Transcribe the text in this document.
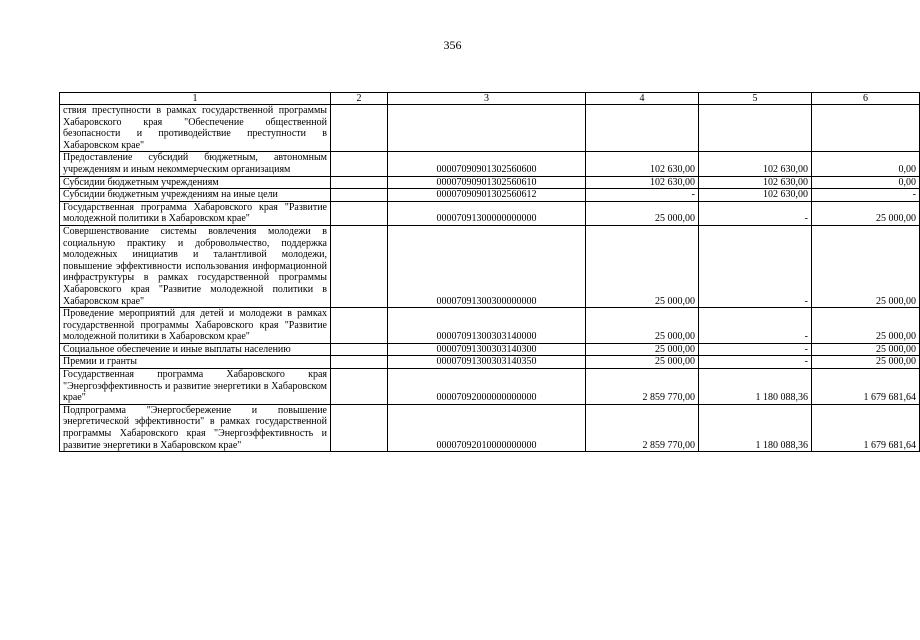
356
1	2	3	4	5	6
ствия преступности в рамках государственной программы Хабаровского края "Обеспечение общественной безопасности и противодействие преступности в Хабаровском крае"					
Предоставление субсидий бюджетным, автономным учреждениям и иным некоммерческим организациям		00007090901302560600	102 630,00	102 630,00	0,00
Субсидии бюджетным учреждениям		00007090901302560610	102 630,00	102 630,00	0,00
Субсидии бюджетным учреждениям на иные цели		00007090901302560612	-	102 630,00	-
Государственная программа Хабаровского края "Развитие молодежной политики в Хабаровском крае"		00007091300000000000	25 000,00	-	25 000,00
Совершенствование системы вовлечения молодежи в социальную практику и добровольчество, поддержка молодежных инициатив и талантливой молодежи, повышение эффективности использования информационной инфраструктуры в рамках государственной программы Хабаровского края "Развитие молодежной политики в Хабаровском крае"		00007091300300000000	25 000,00	-	25 000,00
Проведение мероприятий для детей и молодежи в рамках государственной программы Хабаровского края "Развитие молодежной политики в Хабаровском крае"		00007091300303140000	25 000,00	-	25 000,00
Социальное обеспечение и иные выплаты населению		00007091300303140300	25 000,00	-	25 000,00
Премии и гранты		00007091300303140350	25 000,00	-	25 000,00
Государственная программа Хабаровского края "Энергоэффективность и развитие энергетики в Хабаровском крае"		00007092000000000000	2 859 770,00	1 180 088,36	1 679 681,64
Подпрограмма "Энергосбережение и повышение энергетической эффективности" в рамках государственной программы Хабаровского края "Энергоэффективность и развитие энергетики в Хабаровском крае"		00007092010000000000	2 859 770,00	1 180 088,36	1 679 681,64
